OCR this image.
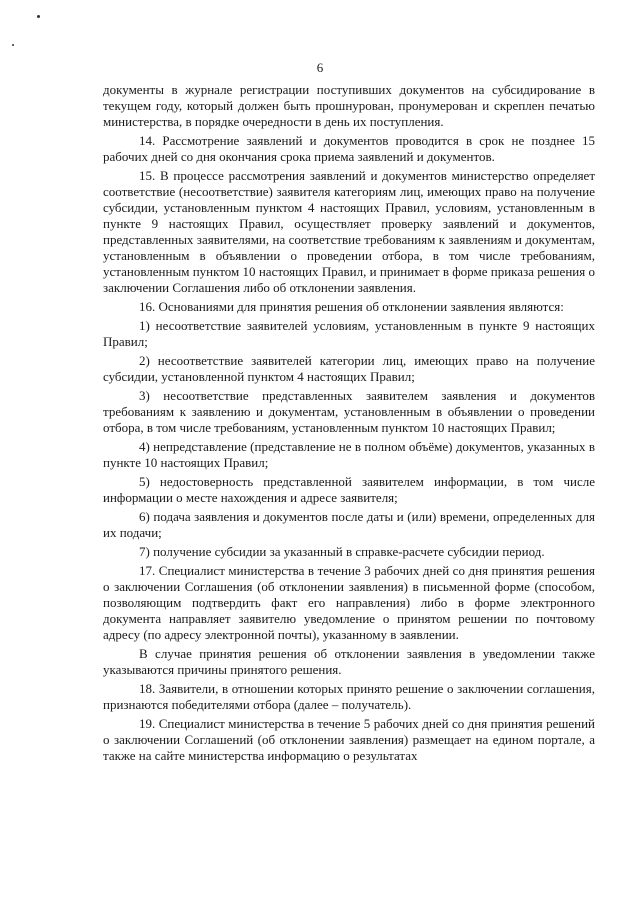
6

документы в журнале регистрации поступивших документов на субсидирование в текущем году, который должен быть прошнурован, пронумерован и скреплен печатью министерства, в порядке очередности в день их поступления.

14. Рассмотрение заявлений и документов проводится в срок не позднее 15 рабочих дней со дня окончания срока приема заявлений и документов.

15. В процессе рассмотрения заявлений и документов министерство определяет соответствие (несоответствие) заявителя категориям лиц, имеющих право на получение субсидии, установленным пунктом 4 настоящих Правил, условиям, установленным в пункте 9 настоящих Правил, осуществляет проверку заявлений и документов, представленных заявителями, на соответствие требованиям к заявлениям и документам, установленным в объявлении о проведении отбора, в том числе требованиям, установленным пунктом 10 настоящих Правил, и принимает в форме приказа решения о заключении Соглашения либо об отклонении заявления.

16. Основаниями для принятия решения об отклонении заявления являются:

1) несоответствие заявителей условиям, установленным в пункте 9 настоящих Правил;

2) несоответствие заявителей категории лиц, имеющих право на получение субсидии, установленной пунктом 4 настоящих Правил;

3) несоответствие представленных заявителем заявления и документов требованиям к заявлению и документам, установленным в объявлении о проведении отбора, в том числе требованиям, установленным пунктом 10 настоящих Правил;

4) непредставление (представление не в полном объёме) документов, указанных в пункте 10 настоящих Правил;

5) недостоверность представленной заявителем информации, в том числе информации о месте нахождения и адресе заявителя;

6) подача заявления и документов после даты и (или) времени, определенных для их подачи;

7) получение субсидии за указанный в справке-расчете субсидии период.

17. Специалист министерства в течение 3 рабочих дней со дня принятия решения о заключении Соглашения (об отклонении заявления) в письменной форме (способом, позволяющим подтвердить факт его направления) либо в форме электронного документа направляет заявителю уведомление о принятом решении по почтовому адресу (по адресу электронной почты), указанному в заявлении.

В случае принятия решения об отклонении заявления в уведомлении также указываются причины принятого решения.

18. Заявители, в отношении которых принято решение о заключении соглашения, признаются победителями отбора (далее – получатель).

19. Специалист министерства в течение 5 рабочих дней со дня принятия решений о заключении Соглашений (об отклонении заявления) размещает на едином портале, а также на сайте министерства информацию о результатах
